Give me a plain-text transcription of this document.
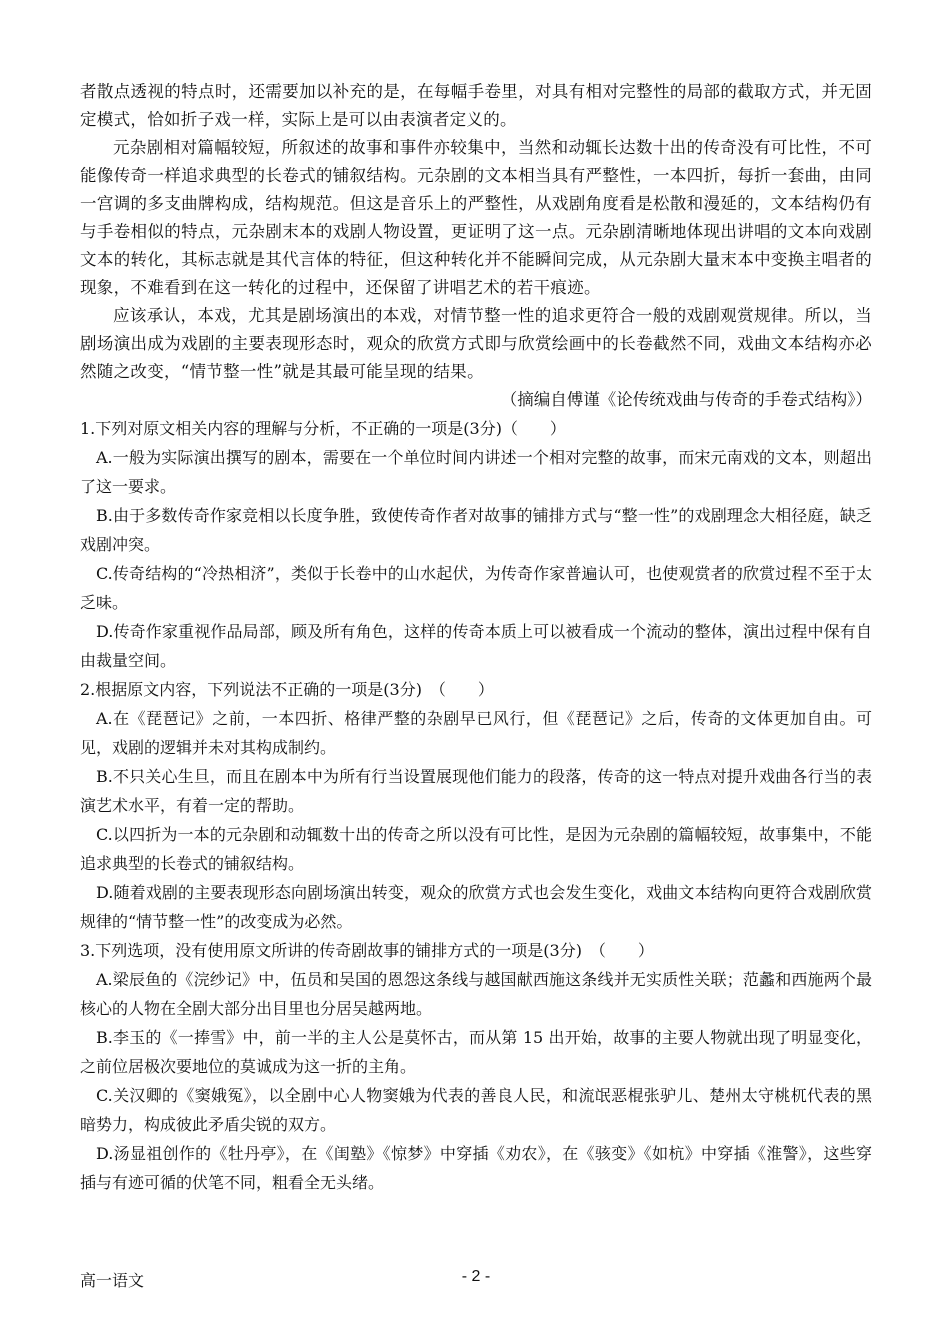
者散点透视的特点时，还需要加以补充的是，在每幅手卷里，对具有相对完整性的局部的截取方式，并无固定模式，恰如折子戏一样，实际上是可以由表演者定义的。

元杂剧相对篇幅较短，所叙述的故事和事件亦较集中，当然和动辄长达数十出的传奇没有可比性，不可能像传奇一样追求典型的长卷式的铺叙结构。元杂剧的文本相当具有严整性，一本四折，每折一套曲，由同一宫调的多支曲牌构成，结构规范。但这是音乐上的严整性，从戏剧角度看是松散和漫延的，文本结构仍有与手卷相似的特点，元杂剧末本的戏剧人物设置，更证明了这一点。元杂剧清晰地体现出讲唱的文本向戏剧文本的转化，其标志就是其代言体的特征，但这种转化并不能瞬间完成，从元杂剧大量末本中变换主唱者的现象，不难看到在这一转化的过程中，还保留了讲唱艺术的若干痕迹。

应该承认，本戏，尤其是剧场演出的本戏，对情节整一性的追求更符合一般的戏剧观赏规律。所以，当剧场演出成为戏剧的主要表现形态时，观众的欣赏方式即与欣赏绘画中的长卷截然不同，戏曲文本结构亦必然随之改变，“情节整一性”就是其最可能呈现的结果。

（摘编自傅谨《论传统戏曲与传奇的手卷式结构》）

1.下列对原文相关内容的理解与分析，不正确的一项是(3分)（　　）

A.一般为实际演出撰写的剧本，需要在一个单位时间内讲述一个相对完整的故事，而宋元南戏的文本，则超出了这一要求。

B.由于多数传奇作家竞相以长度争胜，致使传奇作者对故事的铺排方式与“整一性”的戏剧理念大相径庭，缺乏戏剧冲突。

C.传奇结构的“冷热相济”，类似于长卷中的山水起伏，为传奇作家普遍认可，也使观赏者的欣赏过程不至于太乏味。

D.传奇作家重视作品局部，顾及所有角色，这样的传奇本质上可以被看成一个流动的整体，演出过程中保有自由裁量空间。

2.根据原文内容，下列说法不正确的一项是(3分)　（　　）

A.在《琵琶记》之前，一本四折、格律严整的杂剧早已风行，但《琵琶记》之后，传奇的文体更加自由。可见，戏剧的逻辑并未对其构成制约。

B.不只关心生旦，而且在剧本中为所有行当设置展现他们能力的段落，传奇的这一特点对提升戏曲各行当的表演艺术水平，有着一定的帮助。

C.以四折为一本的元杂剧和动辄数十出的传奇之所以没有可比性，是因为元杂剧的篇幅较短，故事集中，不能追求典型的长卷式的铺叙结构。

D.随着戏剧的主要表现形态向剧场演出转变，观众的欣赏方式也会发生变化，戏曲文本结构向更符合戏剧欣赏规律的“情节整一性”的改变成为必然。

3.下列选项，没有使用原文所讲的传奇剧故事的铺排方式的一项是(3分)　（　　）

A.梁辰鱼的《浣纱记》中，伍员和吴国的恩怨这条线与越国献西施这条线并无实质性关联；范蠡和西施两个最核心的人物在全剧大部分出目里也分居吴越两地。

B.李玉的《一捧雪》中，前一半的主人公是莫怀古，而从第 15 出开始，故事的主要人物就出现了明显变化，之前位居极次要地位的莫诚成为这一折的主角。

C.关汉卿的《窦娥冤》，以全剧中心人物窦娥为代表的善良人民，和流氓恶棍张驴儿、楚州太守桃杌代表的黑暗势力，构成彼此矛盾尖锐的双方。

D.汤显祖创作的《牡丹亭》，在《闺塾》《惊梦》中穿插《劝农》，在《骇变》《如杭》中穿插《淮警》，这些穿插与有迹可循的伏笔不同，粗看全无头绪。

高一语文	- 2 -
